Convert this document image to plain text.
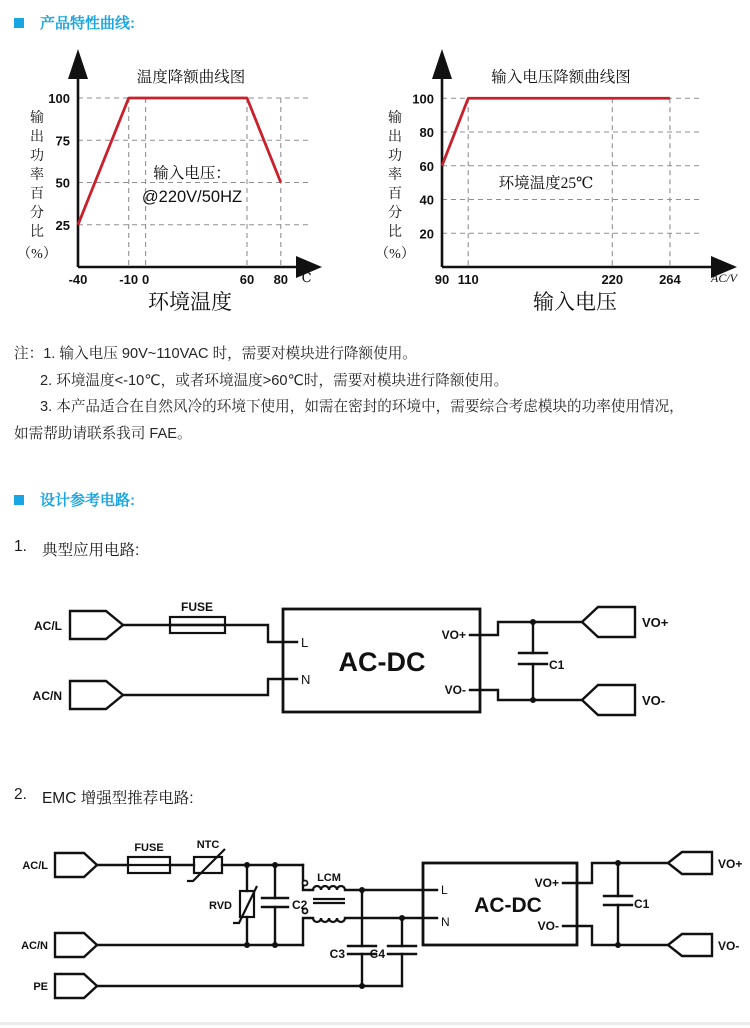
产品特性曲线:
25
50
75
100
-40 -10 0	60 80 ℃
温度降额曲线图
输入电压：
@220V/50HZ
环境温度
输
出
功
率
百
分
比
（%）
20
40
60
80
100
90 110	220	264	AC/V
输入电压降额曲线图
环境温度25℃
输入电压
输
出
功
率
百
分
比
（%）
注：1. 输入电压 90V~110VAC 时，需要对模块进行降额使用。
2. 环境温度<-10℃，或者环境温度>60℃时，需要对模块进行降额使用。
3. 本产品适合在自然风冷的环境下使用，如需在密封的环境中，需要综合考虑模块的功率使用情况，
如需帮助请联系我司 FAE。
设计参考电路:
1. 典型应用电路:
AC/L
AC/N
FUSE
L
N
AC-DC
VO+
VO-
C1
VO+
VO-
2. EMC 增强型推荐电路:
AC/L
AC/N
PE
FUSE	NTC
RVD	C2
LCM
C3 C4
L
N
AC-DC
VO+
VO-
C1
VO+
VO-
